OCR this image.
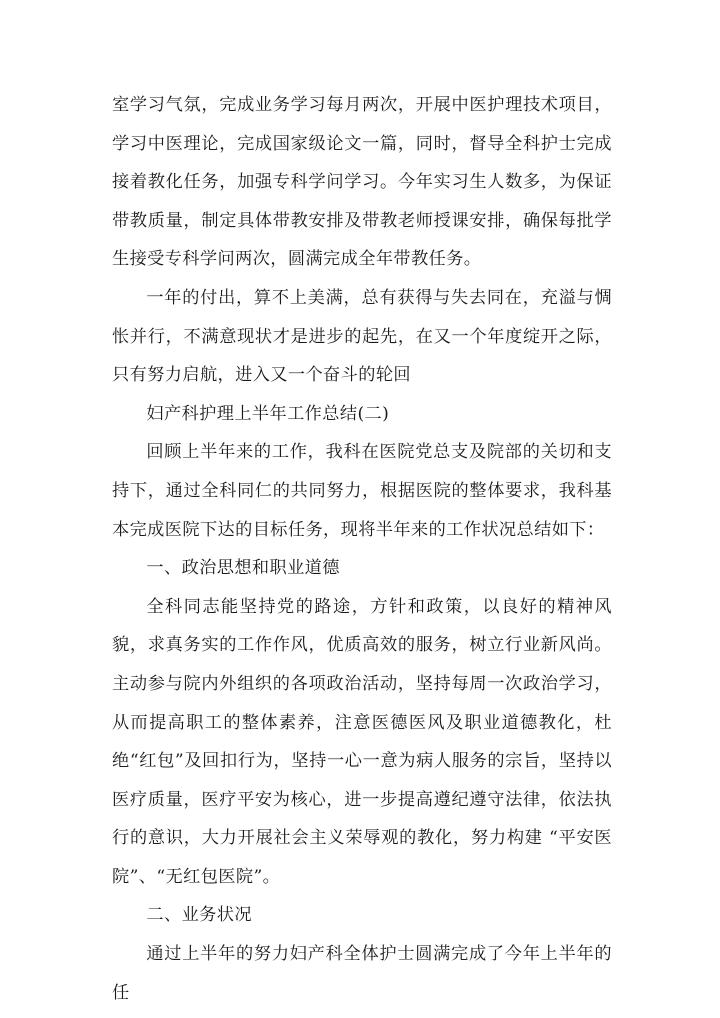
室学习气氛，完成业务学习每月两次，开展中医护理技术项目，学习中医理论，完成国家级论文一篇，同时，督导全科护士完成接着教化任务，加强专科学问学习。今年实习生人数多，为保证带教质量，制定具体带教安排及带教老师授课安排，确保每批学生接受专科学问两次，圆满完成全年带教任务。

一年的付出，算不上美满，总有获得与失去同在，充溢与惆怅并行，不满意现状才是进步的起先，在又一个年度绽开之际，只有努力启航，进入又一个奋斗的轮回

妇产科护理上半年工作总结(二)

回顾上半年来的工作，我科在医院党总支及院部的关切和支持下，通过全科同仁的共同努力，根据医院的整体要求，我科基本完成医院下达的目标任务，现将半年来的工作状况总结如下：

一、政治思想和职业道德

全科同志能坚持党的路途，方针和政策，以良好的精神风貌，求真务实的工作作风，优质高效的服务，树立行业新风尚。主动参与院内外组织的各项政治活动，坚持每周一次政治学习，从而提高职工的整体素养，注意医德医风及职业道德教化，杜绝“红包”及回扣行为，坚持一心一意为病人服务的宗旨，坚持以医疗质量，医疗平安为核心，进一步提高遵纪遵守法律，依法执行的意识，大力开展社会主义荣辱观的教化，努力构建 “平安医院”、“无红包医院”。

二、业务状况

通过上半年的努力妇产科全体护士圆满完成了今年上半年的任
